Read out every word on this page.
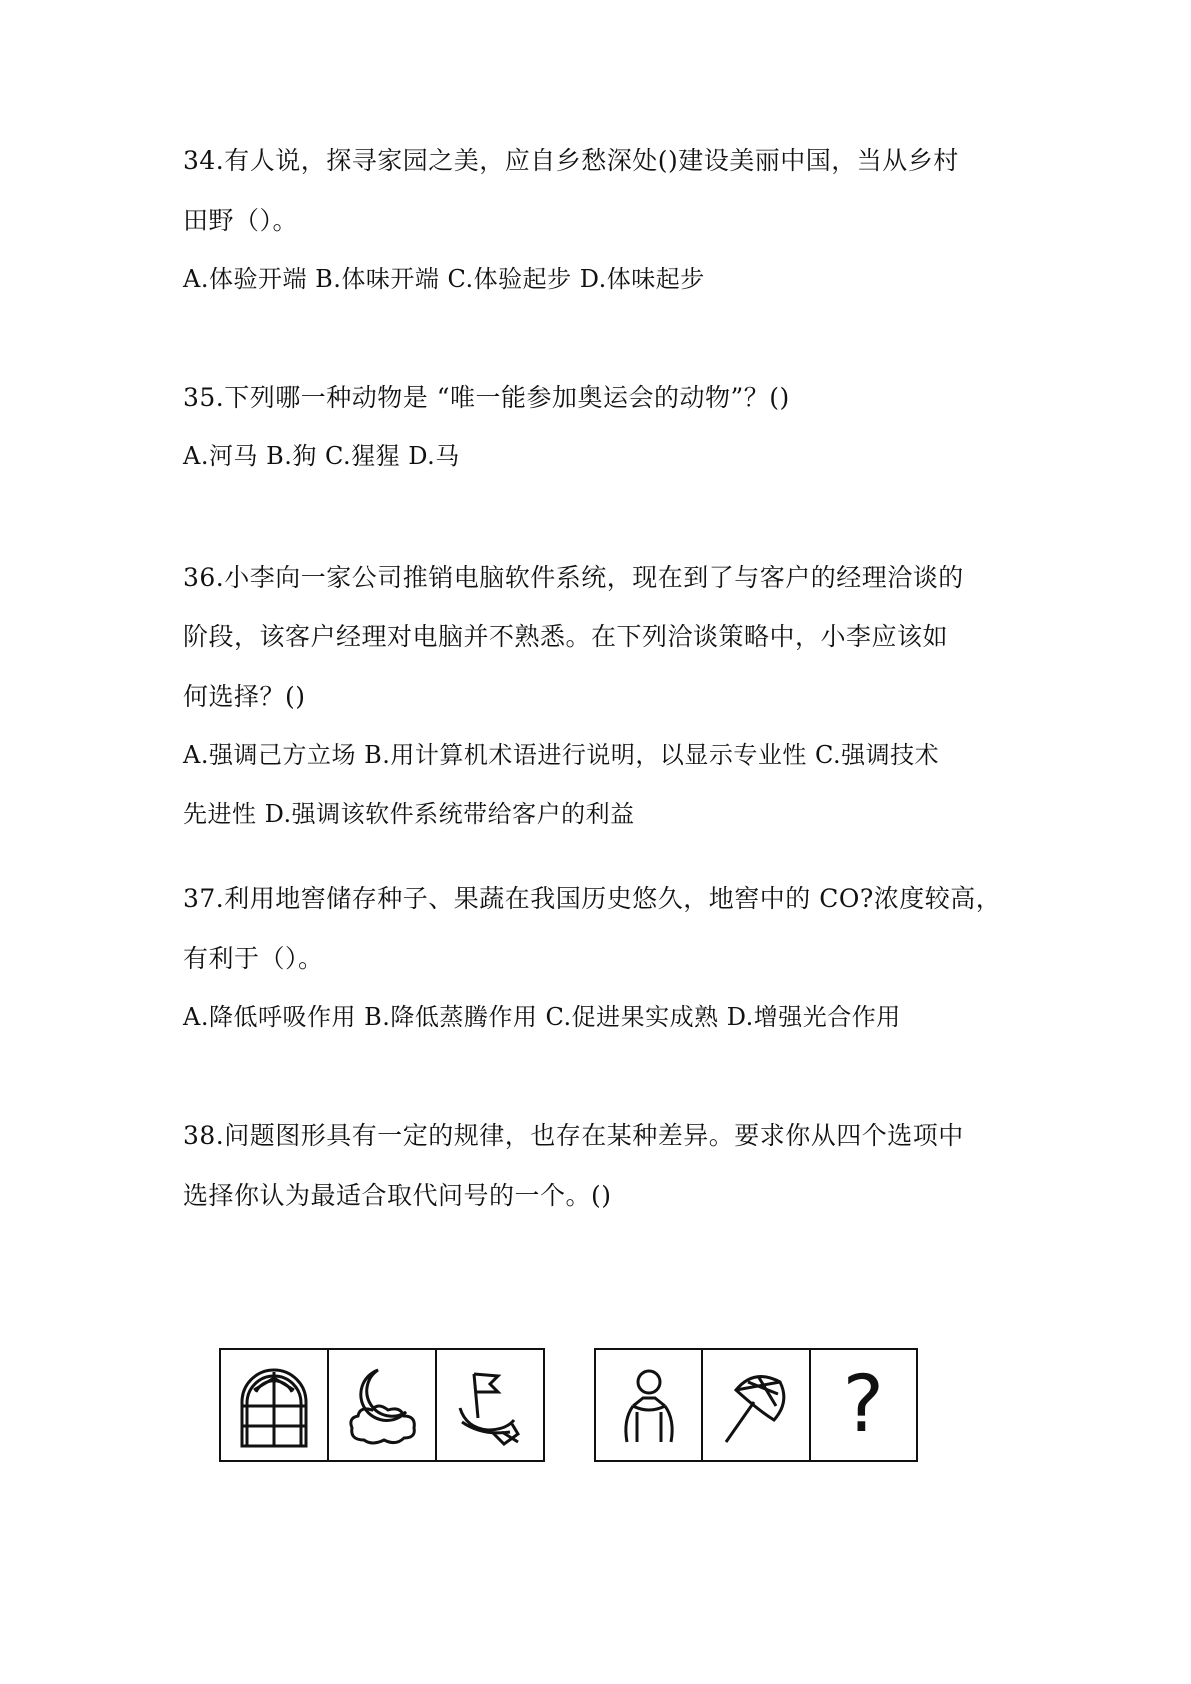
34.有人说，探寻家园之美，应自乡愁深处()建设美丽中国，当从乡村

田野（）。

A.体验开端 B.体味开端 C.体验起步 D.体味起步

35.下列哪一种动物是 “唯一能参加奥运会的动物”？()

A.河马 B.狗 C.猩猩 D.马

36.小李向一家公司推销电脑软件系统，现在到了与客户的经理洽谈的

阶段，该客户经理对电脑并不熟悉。在下列洽谈策略中，小李应该如

何选择？()

A.强调己方立场 B.用计算机术语进行说明，以显示专业性 C.强调技术

先进性 D.强调该软件系统带给客户的利益

37.利用地窖储存种子、果蔬在我国历史悠久，地窖中的 CO?浓度较高，

有利于（）。

A.降低呼吸作用 B.降低蒸腾作用 C.促进果实成熟 D.增强光合作用

38.问题图形具有一定的规律，也存在某种差异。要求你从四个选项中

选择你认为最适合取代问号的一个。()

?
